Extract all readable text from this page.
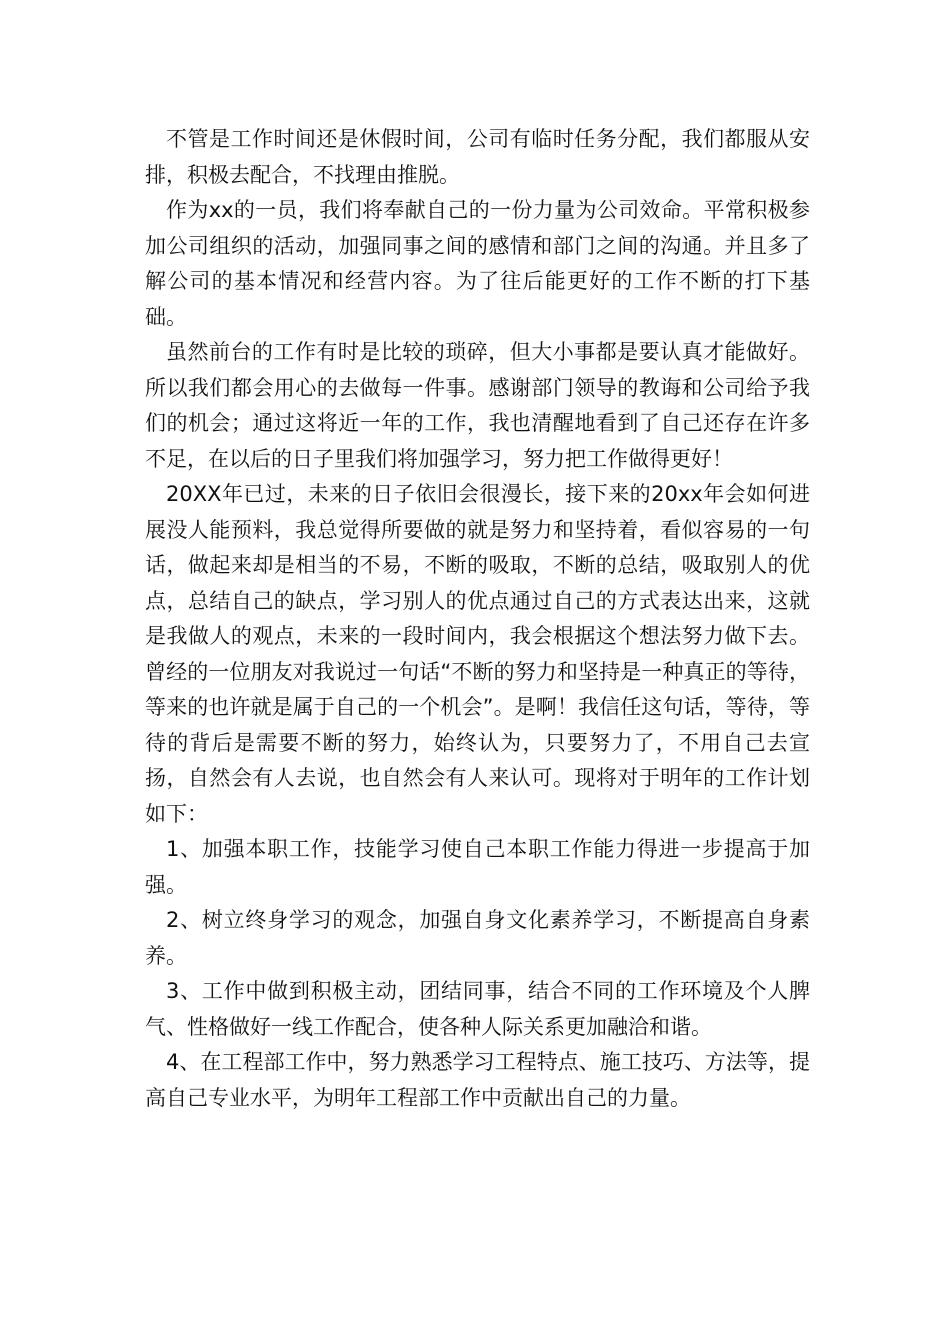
不管是工作时间还是休假时间，公司有临时任务分配，我们都服从安排，积极去配合，不找理由推脱。

作为xx的一员，我们将奉献自己的一份力量为公司效命。平常积极参加公司组织的活动，加强同事之间的感情和部门之间的沟通。并且多了解公司的基本情况和经营内容。为了往后能更好的工作不断的打下基础。

虽然前台的工作有时是比较的琐碎，但大小事都是要认真才能做好。所以我们都会用心的去做每一件事。感谢部门领导的教诲和公司给予我们的机会；通过这将近一年的工作，我也清醒地看到了自己还存在许多不足，在以后的日子里我们将加强学习，努力把工作做得更好！

20XX年已过，未来的日子依旧会很漫长，接下来的20xx年会如何进展没人能预料，我总觉得所要做的就是努力和坚持着，看似容易的一句话，做起来却是相当的不易，不断的吸取，不断的总结，吸取别人的优点，总结自己的缺点，学习别人的优点通过自己的方式表达出来，这就是我做人的观点，未来的一段时间内，我会根据这个想法努力做下去。曾经的一位朋友对我说过一句话“不断的努力和坚持是一种真正的等待，等来的也许就是属于自己的一个机会”。是啊！我信任这句话，等待，等待的背后是需要不断的努力，始终认为，只要努力了，不用自己去宣扬，自然会有人去说，也自然会有人来认可。现将对于明年的工作计划如下：

1、加强本职工作，技能学习使自己本职工作能力得进一步提高于加强。

2、树立终身学习的观念，加强自身文化素养学习，不断提高自身素养。

3、工作中做到积极主动，团结同事，结合不同的工作环境及个人脾气、性格做好一线工作配合，使各种人际关系更加融洽和谐。

4、在工程部工作中，努力熟悉学习工程特点、施工技巧、方法等，提高自己专业水平，为明年工程部工作中贡献出自己的力量。
